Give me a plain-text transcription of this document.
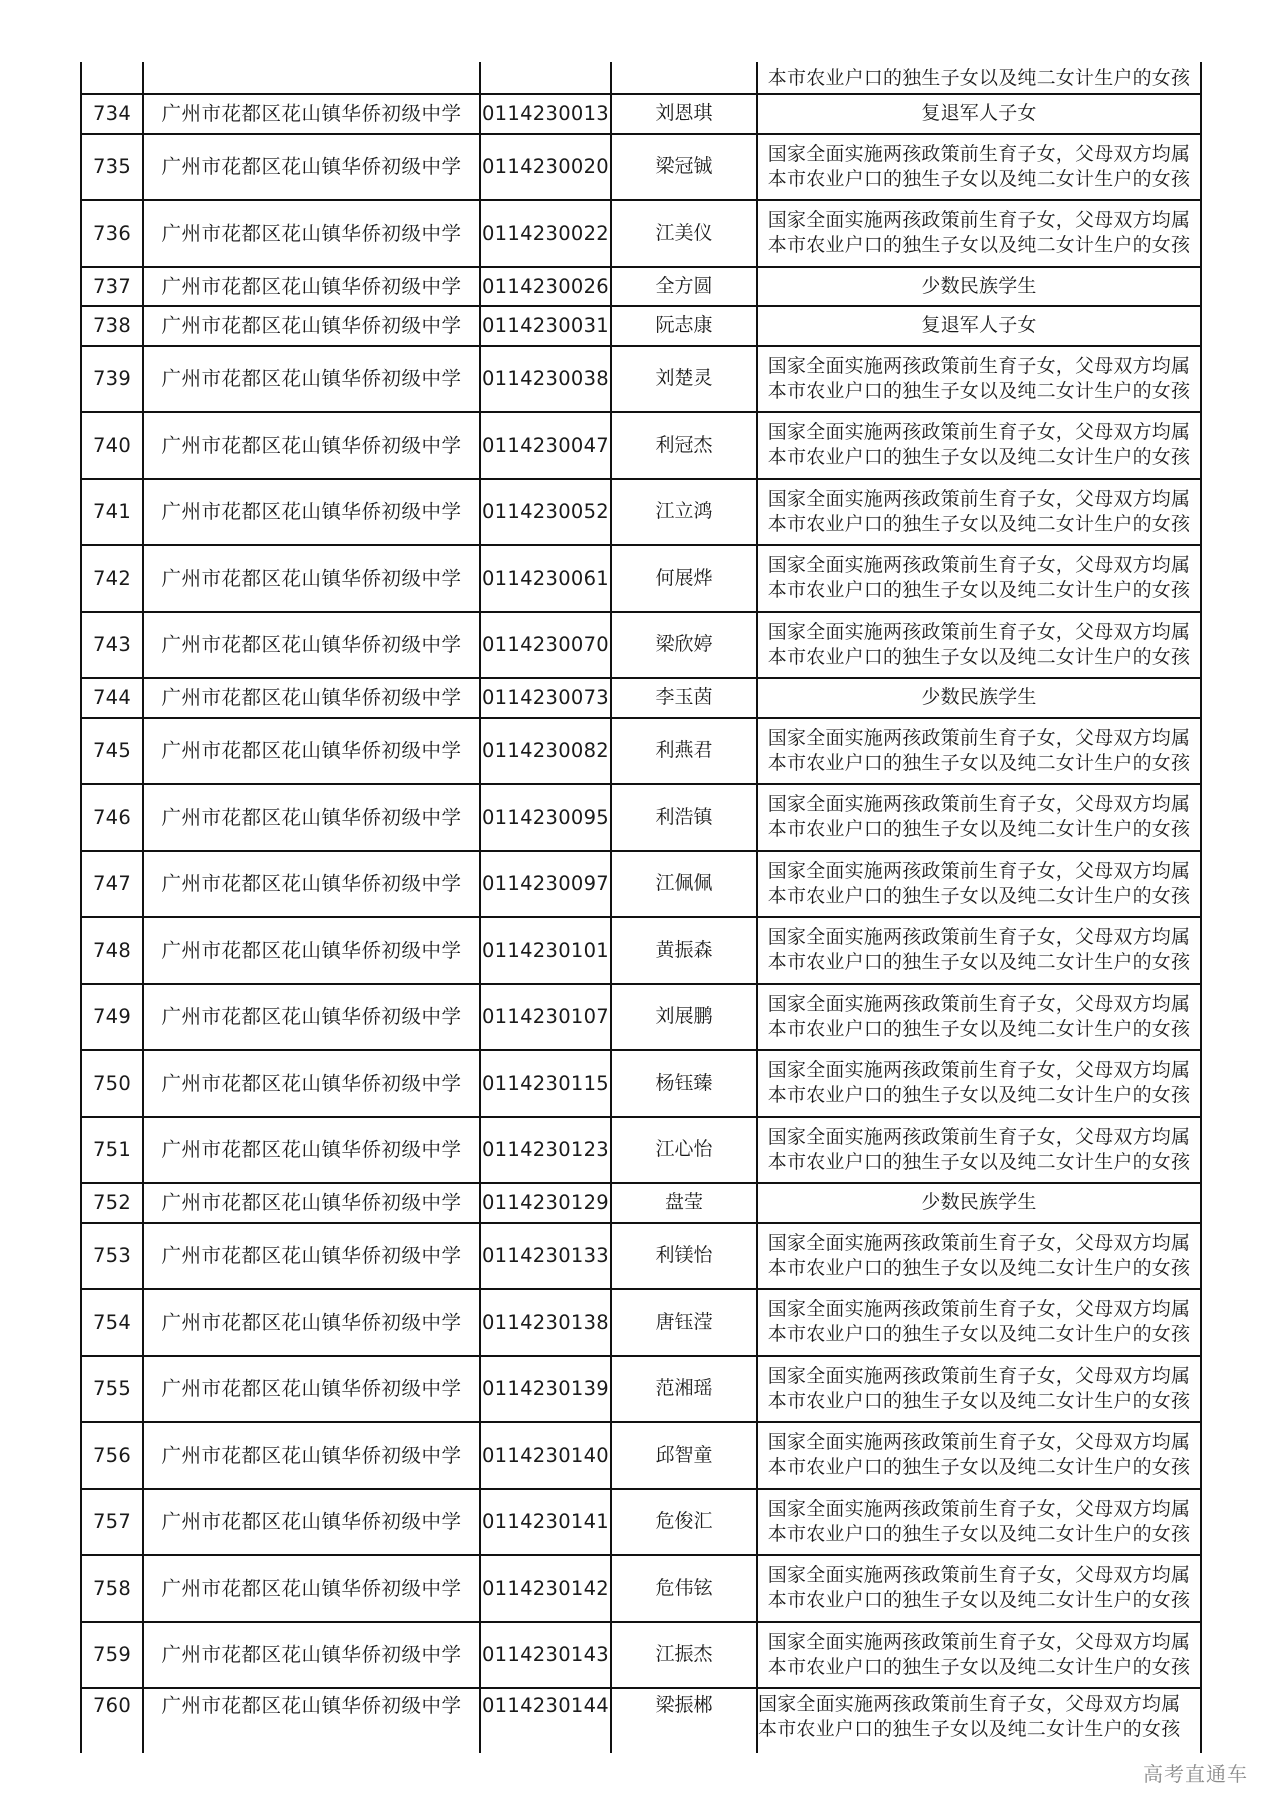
本市农业户口的独生子女以及纯二女计生户的女孩
734 广州市花都区花山镇华侨初级中学 0114230013 刘恩琪	复退军人子女
735 广州市花都区花山镇华侨初级中学 0114230020 梁冠铖
国家全面实施两孩政策前生育子女，父母双方均属
本市农业户口的独生子女以及纯二女计生户的女孩
736 广州市花都区花山镇华侨初级中学 0114230022 江美仪
国家全面实施两孩政策前生育子女，父母双方均属
本市农业户口的独生子女以及纯二女计生户的女孩
737 广州市花都区花山镇华侨初级中学 0114230026 全方圆	少数民族学生
738 广州市花都区花山镇华侨初级中学 0114230031 阮志康	复退军人子女
739 广州市花都区花山镇华侨初级中学 0114230038 刘楚灵
国家全面实施两孩政策前生育子女，父母双方均属
本市农业户口的独生子女以及纯二女计生户的女孩
740 广州市花都区花山镇华侨初级中学 0114230047 利冠杰
国家全面实施两孩政策前生育子女，父母双方均属
本市农业户口的独生子女以及纯二女计生户的女孩
741 广州市花都区花山镇华侨初级中学 0114230052 江立鸿
国家全面实施两孩政策前生育子女，父母双方均属
本市农业户口的独生子女以及纯二女计生户的女孩
742 广州市花都区花山镇华侨初级中学 0114230061 何展烨
国家全面实施两孩政策前生育子女，父母双方均属
本市农业户口的独生子女以及纯二女计生户的女孩
743 广州市花都区花山镇华侨初级中学 0114230070 梁欣婷
国家全面实施两孩政策前生育子女，父母双方均属
本市农业户口的独生子女以及纯二女计生户的女孩
744 广州市花都区花山镇华侨初级中学 0114230073 李玉茵	少数民族学生
745 广州市花都区花山镇华侨初级中学 0114230082 利燕君
国家全面实施两孩政策前生育子女，父母双方均属
本市农业户口的独生子女以及纯二女计生户的女孩
746 广州市花都区花山镇华侨初级中学 0114230095 利浩镇
国家全面实施两孩政策前生育子女，父母双方均属
本市农业户口的独生子女以及纯二女计生户的女孩
747 广州市花都区花山镇华侨初级中学 0114230097 江佩佩
国家全面实施两孩政策前生育子女，父母双方均属
本市农业户口的独生子女以及纯二女计生户的女孩
748 广州市花都区花山镇华侨初级中学 0114230101 黄振森
国家全面实施两孩政策前生育子女，父母双方均属
本市农业户口的独生子女以及纯二女计生户的女孩
749 广州市花都区花山镇华侨初级中学 0114230107 刘展鹏
国家全面实施两孩政策前生育子女，父母双方均属
本市农业户口的独生子女以及纯二女计生户的女孩
750 广州市花都区花山镇华侨初级中学 0114230115 杨钰臻
国家全面实施两孩政策前生育子女，父母双方均属
本市农业户口的独生子女以及纯二女计生户的女孩
751 广州市花都区花山镇华侨初级中学 0114230123 江心怡
国家全面实施两孩政策前生育子女，父母双方均属
本市农业户口的独生子女以及纯二女计生户的女孩
752 广州市花都区花山镇华侨初级中学 0114230129	盘莹	少数民族学生
753 广州市花都区花山镇华侨初级中学 0114230133 利镁怡
国家全面实施两孩政策前生育子女，父母双方均属
本市农业户口的独生子女以及纯二女计生户的女孩
754 广州市花都区花山镇华侨初级中学 0114230138 唐钰滢
国家全面实施两孩政策前生育子女，父母双方均属
本市农业户口的独生子女以及纯二女计生户的女孩
755 广州市花都区花山镇华侨初级中学 0114230139 范湘瑶
国家全面实施两孩政策前生育子女，父母双方均属
本市农业户口的独生子女以及纯二女计生户的女孩
756 广州市花都区花山镇华侨初级中学 0114230140 邱智童
国家全面实施两孩政策前生育子女，父母双方均属
本市农业户口的独生子女以及纯二女计生户的女孩
757 广州市花都区花山镇华侨初级中学 0114230141 危俊汇
国家全面实施两孩政策前生育子女，父母双方均属
本市农业户口的独生子女以及纯二女计生户的女孩
758 广州市花都区花山镇华侨初级中学 0114230142 危伟铉
国家全面实施两孩政策前生育子女，父母双方均属
本市农业户口的独生子女以及纯二女计生户的女孩
759 广州市花都区花山镇华侨初级中学 0114230143 江振杰
国家全面实施两孩政策前生育子女，父母双方均属
本市农业户口的独生子女以及纯二女计生户的女孩
760 广州市花都区花山镇华侨初级中学 0114230144 梁振郴 国家全面实施两孩政策前生育子女，父母双方均属
本市农业户口的独生子女以及纯二女计生户的女孩
高考直通车
